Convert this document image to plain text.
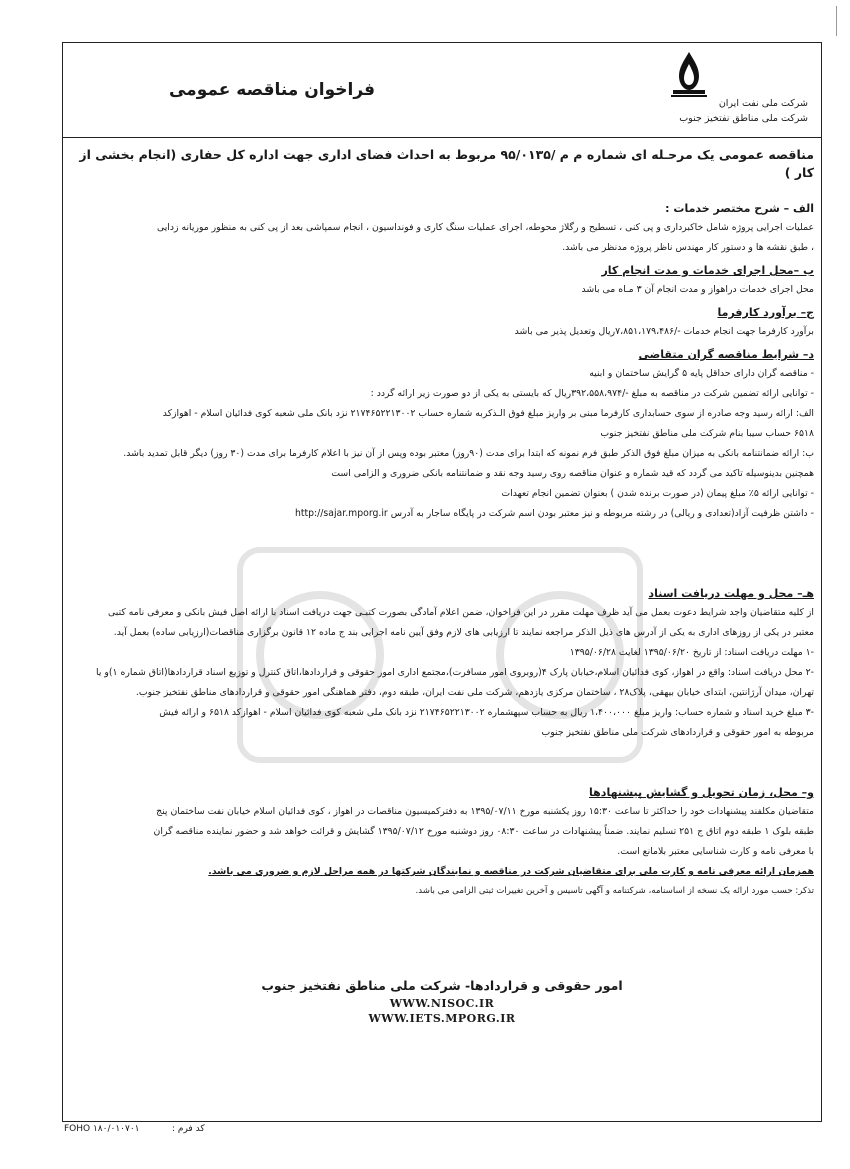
فراخوان مناقصه عمومی
شرکت ملی نفت ایران
شرکت ملی مناطق نفتخیز جنوب
مناقصه عمومی یک مرحـله ای شماره م م /۹۵/۰۱۳۵ مربوط به احداث فضای اداری جهت اداره کل حفاری (انجام بخشی از کار )
الف – شرح مختصر خدمات :
عملیات اجرایی پروژه شامل خاکبرداری و پی کنی ، تسطیح و رگلاژ محوطه، اجرای عملیات سنگ کاری و فونداسیون ، انجام سمپاشی بعد از پی کنی به منظور موریانه زدایی
، طبق نقشه ها و دستور کار مهندس ناظر پروژه مدنظر می باشد.
ب –محل اجرای خدمات و مدت انجام کار
محل اجرای خدمات دراهواز و مدت انجام آن ۳ مـاه می باشد
ج– برآورد کارفرما
برآورد کارفرما جهت انجام خدمات -/۷،۸۵۱،۱۷۹،۴۸۶ریال وتعدیل پذیر می باشد
د– شرایط مناقصه گران متقاضی
- مناقصه گران دارای حداقل پایه ۵ گرایش ساختمان و ابنیه
- توانایی ارائه تضمین شرکت در مناقصه به مبلغ -/۳۹۲،۵۵۸،۹۷۴ریال که بایستی به یکی از دو صورت زیر ارائه گردد :
الف: ارائه رسید وجه صادره از سوی حسابداری کارفرما مبنی بر واریز مبلغ فوق الـذکربه شماره حساب ۲۱۷۴۶۵۲۲۱۳۰۰۲ نزد بانک ملی شعبه کوی فدائیان اسلام - اهوازکد
۶۵۱۸ حساب سیبا بنام شرکت ملی مناطق نفتخیز جنوب
ب: ارائه ضمانتنامه بانکی به میزان مبلغ فوق الذکر طبق فرم نمونه که ابتدا برای مدت (۹۰روز) معتبر بوده وپس از آن نیز با اعلام کارفرما برای مدت (۳۰ روز) دیگر قابل تمدید باشد.
همچنین بدینوسیله تاکید می گردد که قید شماره و عنوان مناقصه روی رسید وجه نقد و ضمانتنامه بانکی ضروری و الزامی است
- توانایی ارائه ۵٪ مبلغ پیمان (در صورت برنده شدن ) بعنوان تضمین انجام تعهدات
- داشتن ظرفیت آزاد(تعدادی و ریالی) در رشته مربوطه و نیز معتبر بودن اسم شرکت در پایگاه ساجار به آدرس http://sajar.mporg.ir
هـ– محل و مهلت دریافت اسناد
از کلیه متقاضیان واجد شرایط دعوت بعمل می آید ظرف مهلت مقرر در این فراخوان، ضمن اعلام آمادگی بصورت کتبـی جهت دریافت اسناد با ارائه اصل فیش بانکی و معرفی نامه کتبی
معتبر در یکی از روزهای اداری به یکی از آدرس های ذیل الذکر مراجعه نمایند تا ارزیابی های لازم وفق آیین نامه اجرایی بند ج ماده ۱۲ قانون برگزاری مناقصات(ارزیابی ساده) بعمل آید.
-۱ مهلت دریافت اسناد: از تاریخ ۱۳۹۵/۰۶/۲۰ لغایت ۱۳۹۵/۰۶/۲۸
-۲ محل دریافت اسناد: واقع در اهواز، کوی فدائیان اسلام،خیابان پارک ۴(روبروی امور مسافرت)،مجتمع اداری امور حقوقی و قراردادها،اتاق کنترل و توزیع اسناد قراردادها(اتاق شماره ۱)و یا
تهران، میدان آرژانتین، ابتدای خیابان بیهقی، پلاک۲۸ ، ساختمان مرکزی یازدهم، شرکت ملی نفت ایران، طبقه دوم، دفتر هماهنگی امور حقوقی و قراردادهای مناطق نفتخیز جنوب.
-۳ مبلغ خرید اسناد و شماره حساب: واریز مبلغ ۱،۴۰۰،۰۰۰ ریال به حساب سپهشماره ۲۱۷۴۶۵۲۲۱۳۰۰۲ نزد بانک ملی شعبه کوی فدائیان اسلام - اهوازکد ۶۵۱۸ و ارائه فیش
مربوطه به امور حقوقی و قراردادهای شرکت ملی مناطق نفتخیز جنوب
و– محل، زمان تحویل و گشایش پیشنهادها
متقاضیان مکلفند پیشنهادات خود را حداکثر تا ساعت ۱۵:۳۰ روز یکشنبه مورخ ۱۳۹۵/۰۷/۱۱ به دفترکمیسیون مناقصات در اهواز ، کوی فدائیان اسلام خیابان نفت ساختمان پنج
طبقه بلوک ۱ طبقه دوم اتاق ج ۲۵۱ تسلیم نمایند. ضمناً پیشنهادات در ساعت ۰۸:۳۰ روز دوشنبه مورخ ۱۳۹۵/۰۷/۱۲ گشایش و قرائت خواهد شد و حضور نماینده مناقصه گران
با معرفی نامه و کارت شناسایی معتبر بلامانع است.
همزمان ارائه معرفی نامه و کارت ملی برای متقاضیان شرکت در مناقصه و نمایندگان شرکتها در همه مراحل لازم و ضروری می باشد.
تذکر: حسب مورد ارائه یک نسخه از اساسنامه، شرکتنامه و آگهی تاسیس و آخرین تغییرات ثبتی الزامی می باشد.
امور حقوقی و قراردادها- شرکت ملی مناطق نفتخیز جنوب
WWW.NISOC.IR
WWW.IETS.MPORG.IR
FOHO ۱۸۰/۰۱۰۷۰۱	کد فرم :
